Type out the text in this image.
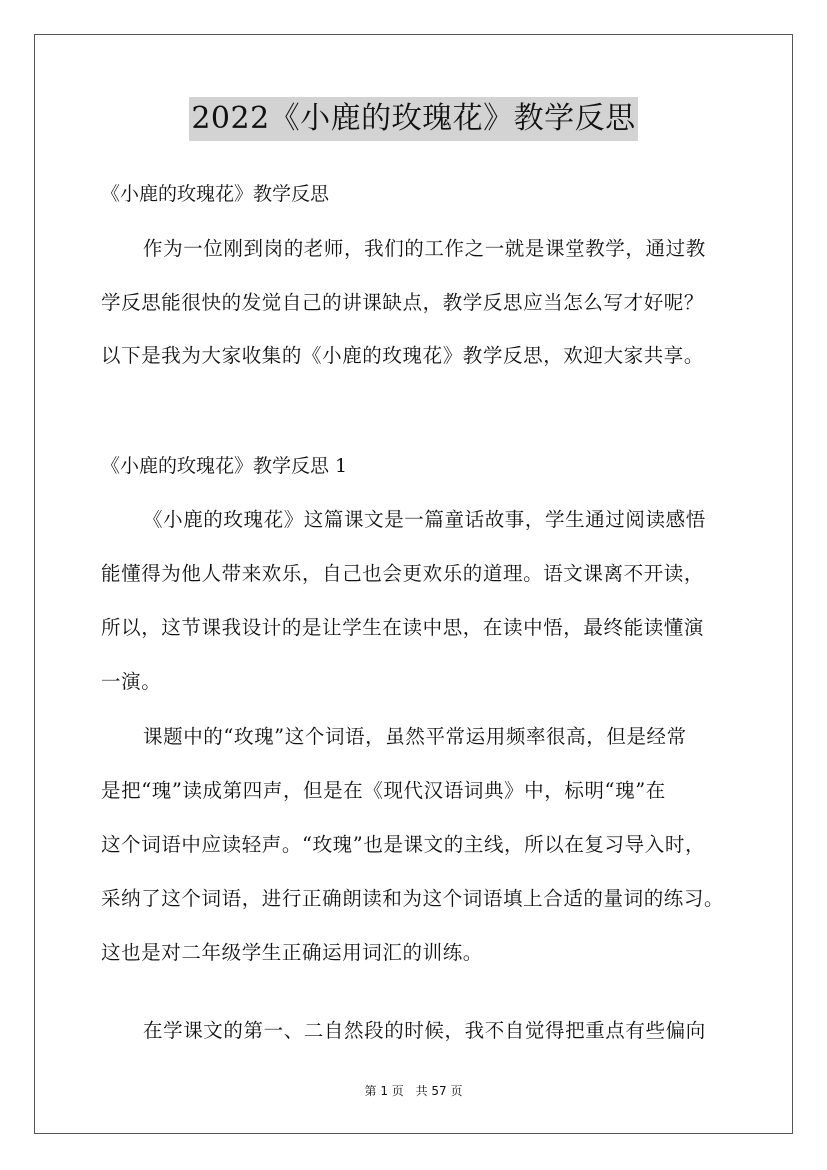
2022《小鹿的玫瑰花》教学反思
《小鹿的玫瑰花》教学反思
作为一位刚到岗的老师，我们的工作之一就是课堂教学，通过教
学反思能很快的发觉自己的讲课缺点，教学反思应当怎么写才好呢？
以下是我为大家收集的《小鹿的玫瑰花》教学反思，欢迎大家共享。
《小鹿的玫瑰花》教学反思 1
《小鹿的玫瑰花》这篇课文是一篇童话故事，学生通过阅读感悟
能懂得为他人带来欢乐，自己也会更欢乐的道理。语文课离不开读，
所以，这节课我设计的是让学生在读中思，在读中悟，最终能读懂演
一演。
课题中的“玫瑰”这个词语，虽然平常运用频率很高，但是经常
是把“瑰”读成第四声，但是在《现代汉语词典》中，标明“瑰”在
这个词语中应读轻声。“玫瑰”也是课文的主线，所以在复习导入时，
采纳了这个词语，进行正确朗读和为这个词语填上合适的量词的练习。
这也是对二年级学生正确运用词汇的训练。
在学课文的第一、二自然段的时候，我不自觉得把重点有些偏向
第 1 页 共 57 页
